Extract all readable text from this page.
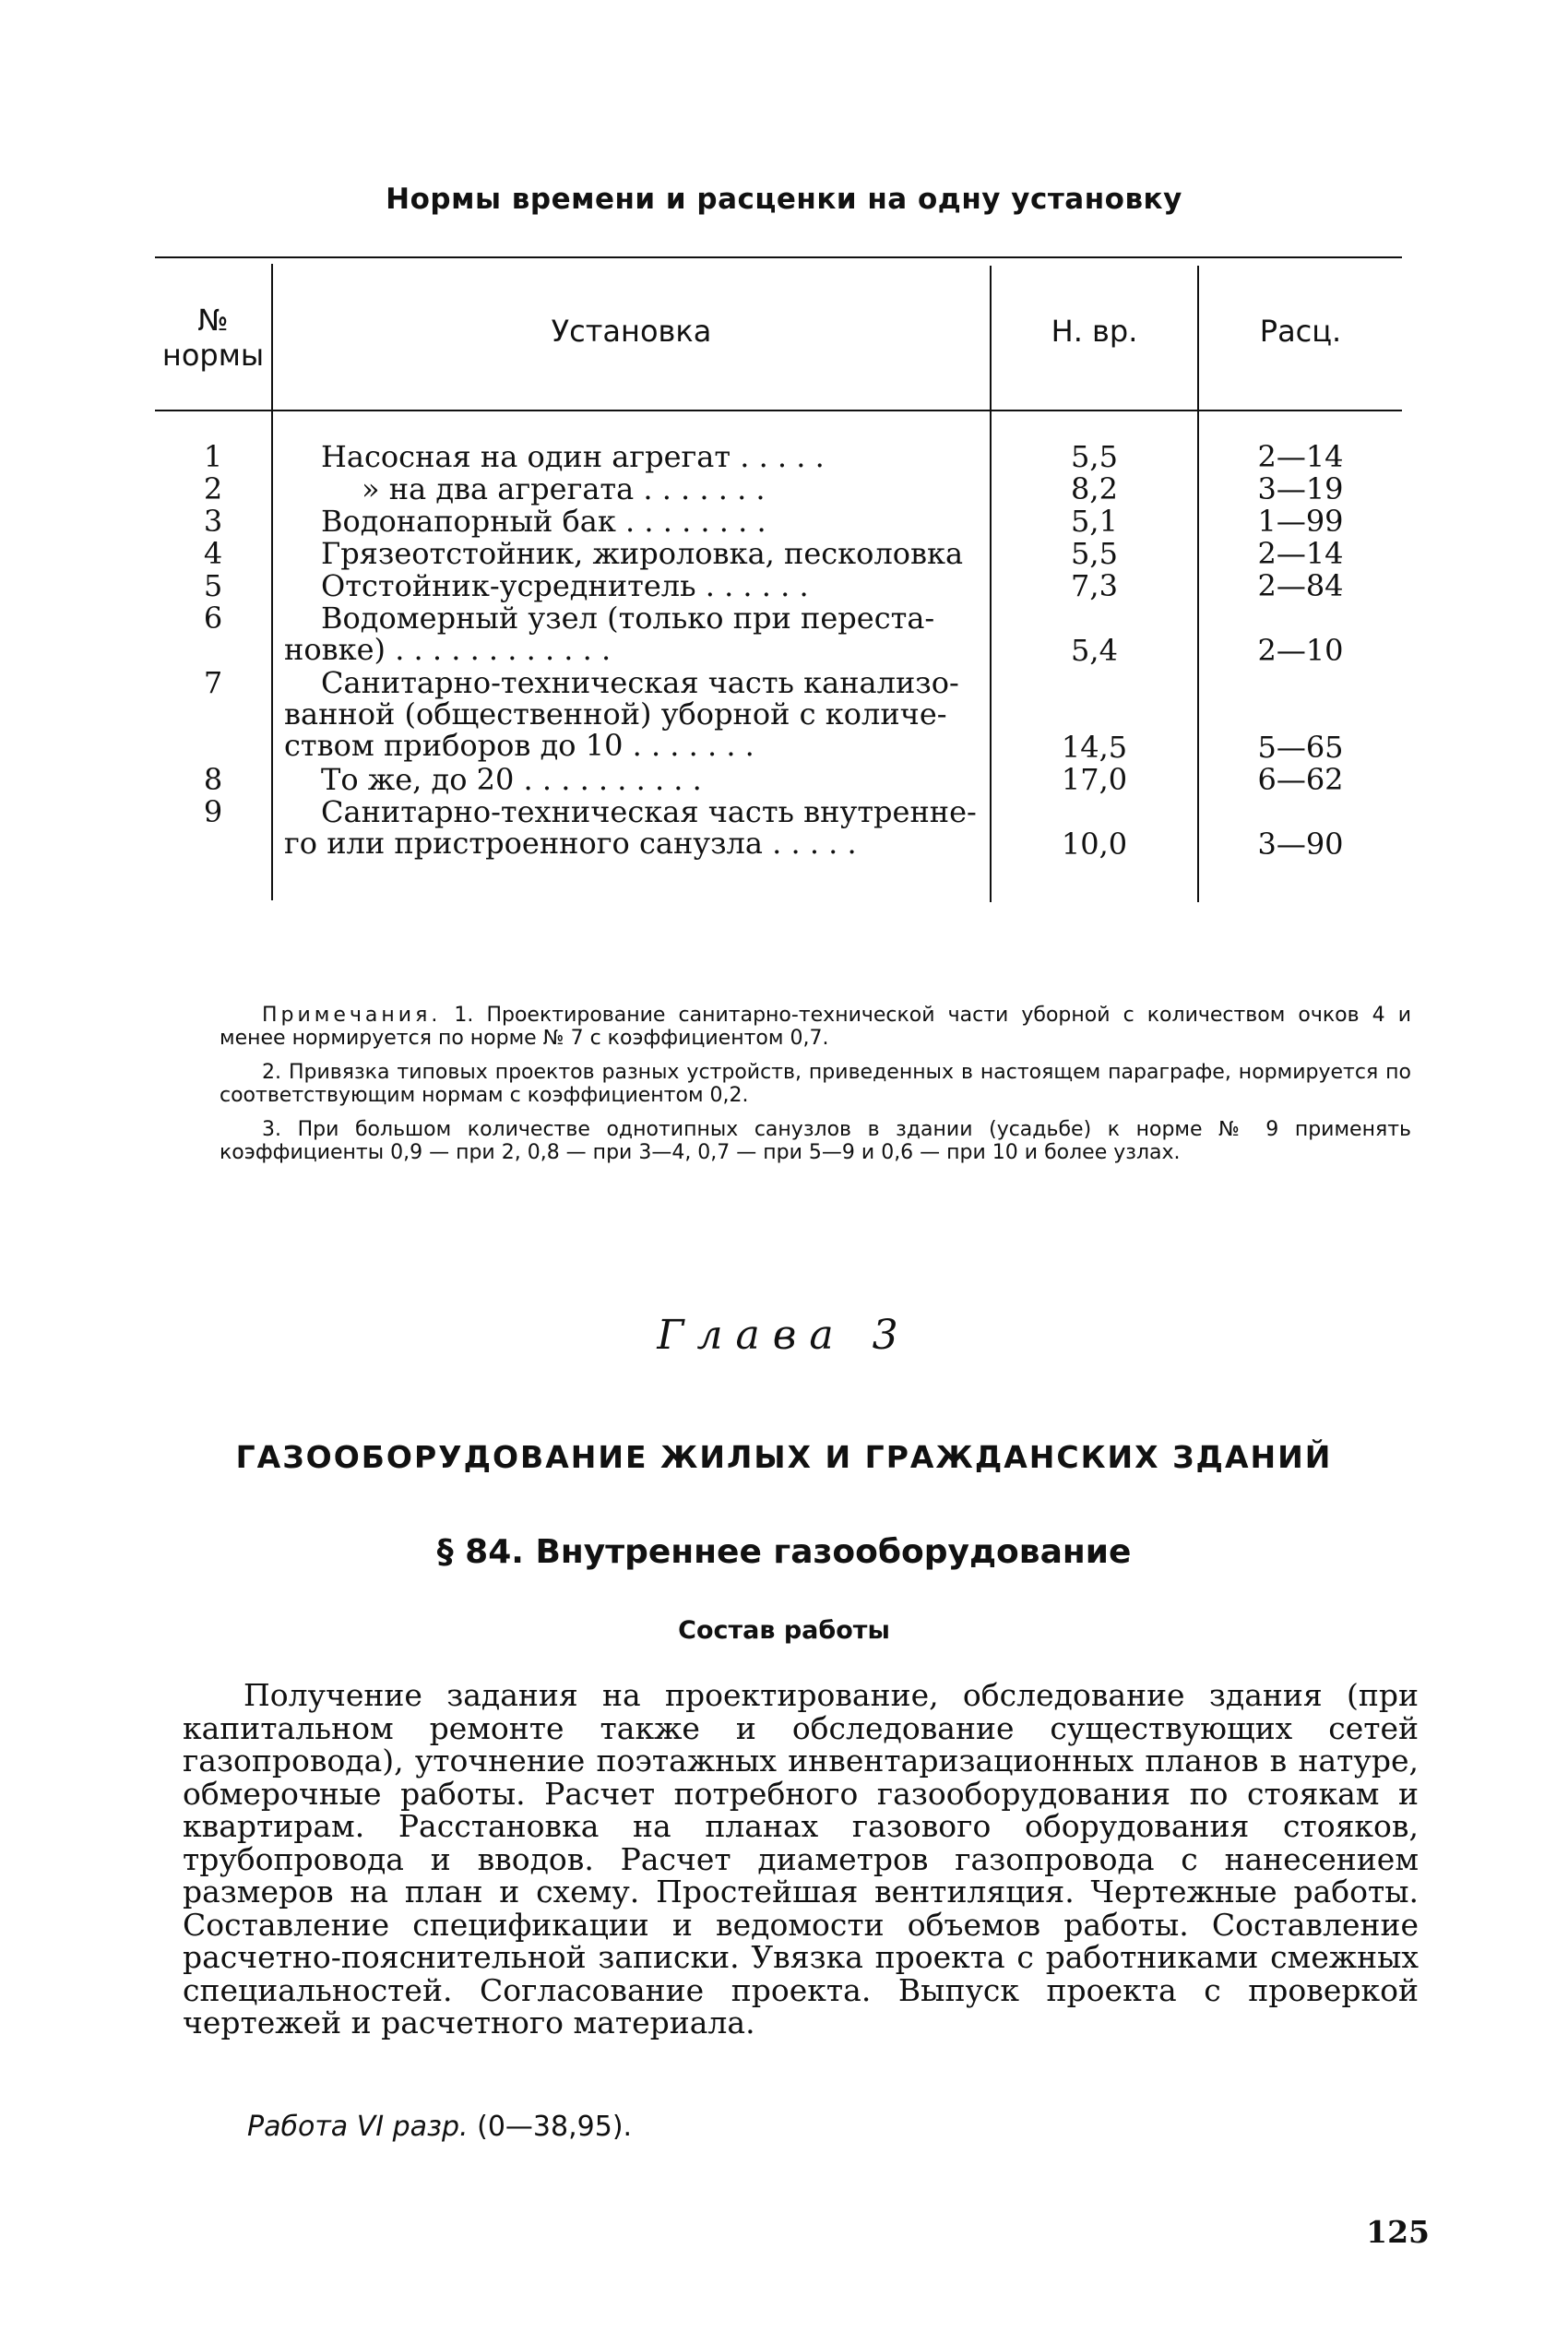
Нормы времени и расценки на одну установку
№
нормы
Установка	Н. вр.	Расц.
1	Насосная на один агрегат . . . . .	5,5	2—14
2	» на два агрегата . . . . . . .	8,2	3—19
3	Водонапорный бак . . . . . . . .	5,1	1—99
4	Грязеотстойник, жироловка, песколовка	5,5	2—14
5	Отстойник-усреднитель . . . . . .	7,3	2—84
6	Водомерный узел (только при переста-
новке) . . . . . . . . . . . .	5,4	2—10
7	Санитарно-техническая часть канализо-
ванной (общественной) уборной с количе-
ством приборов до 10 . . . . . . .	14,5	5—65
8	То же, до 20 . . . . . . . . . .	17,0	6—62
9	Санитарно-техническая часть внутренне-
го или пристроенного санузла . . . . .	10,0	3—90

Примечания. 1. Проектирование санитарно-технической части уборной с количеством очков 4 и менее нормируется по норме № 7 с коэффициентом 0,7.

2. Привязка типовых проектов разных устройств, приведенных в настоящем параграфе, нормируется по соответствующим нормам с коэффициентом 0,2.

3. При большом количестве однотипных санузлов в здании (усадьбе) к норме № 9 применять коэффициенты 0,9 — при 2, 0,8 — при 3—4, 0,7 — при 5—9 и 0,6 — при 10 и более узлах.

Глава 3
ГАЗООБОРУДОВАНИЕ ЖИЛЫХ И ГРАЖДАНСКИХ ЗДАНИЙ
§ 84. Внутреннее газооборудование
Состав работы

Получение задания на проектирование, обследование здания (при капитальном ремонте также и обследование существующих сетей газопровода), уточнение поэтажных инвентаризационных планов в натуре, обмерочные работы. Расчет потребного газооборудования по стоякам и квартирам. Расстановка на планах газового оборудования стояков, трубопровода и вводов. Расчет диаметров газопровода с нанесением размеров на план и схему. Простейшая вентиляция. Чертежные работы. Составление спецификации и ведомости объемов работы. Составление расчетно-пояснительной записки. Увязка проекта с работниками смежных специальностей. Согласование проекта. Выпуск проекта с проверкой чертежей и расчетного материала.

Работа VI разр. (0—38,95).
125
